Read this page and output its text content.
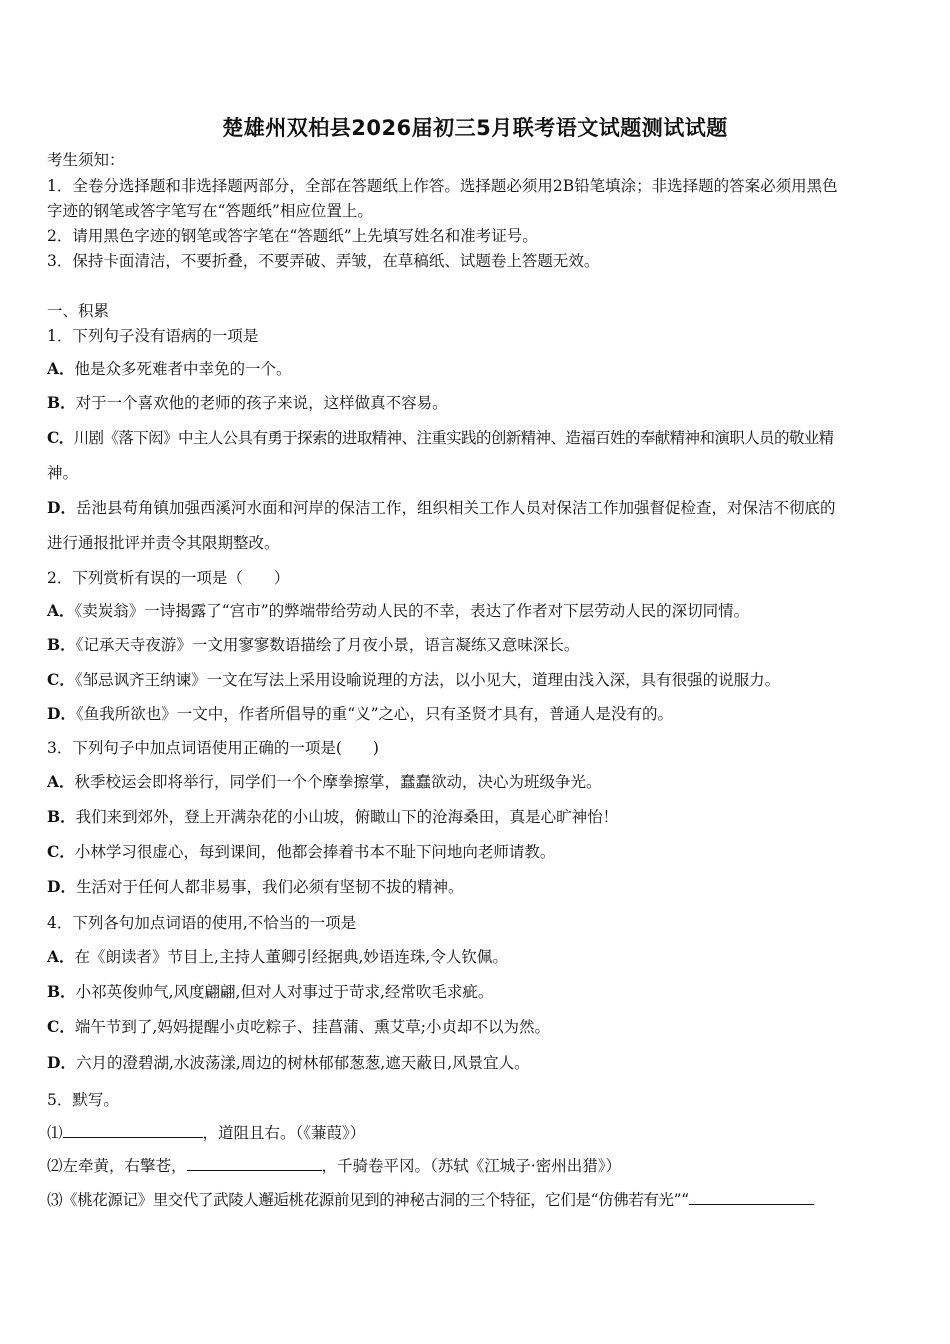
楚雄州双柏县2026届初三5月联考语文试题测试试题
考生须知：
1．全卷分选择题和非选择题两部分，全部在答题纸上作答。选择题必须用2B铅笔填涂；非选择题的答案必须用黑色
字迹的钢笔或答字笔写在“答题纸”相应位置上。
2．请用黑色字迹的钢笔或答字笔在“答题纸”上先填写姓名和准考证号。
3．保持卡面清洁，不要折叠，不要弄破、弄皱，在草稿纸、试题卷上答题无效。
一、积累
1．下列句子没有语病的一项是
A．他是众多死难者中幸免的一个。
B．对于一个喜欢他的老师的孩子来说，这样做真不容易。
C．川剧《落下闳》中主人公具有勇于探索的进取精神、注重实践的创新精神、造福百姓的奉献精神和演职人员的敬业精
神。
D．岳池县苟角镇加强西溪河水面和河岸的保洁工作，组织相关工作人员对保洁工作加强督促检查，对保洁不彻底的
进行通报批评并责令其限期整改。
2．下列赏析有误的一项是（　　）
A．《卖炭翁》一诗揭露了“宫市”的弊端带给劳动人民的不幸，表达了作者对下层劳动人民的深切同情。
B．《记承天寺夜游》一文用寥寥数语描绘了月夜小景，语言凝练又意味深长。
C．《邹忌讽齐王纳谏》一文在写法上采用设喻说理的方法，以小见大，道理由浅入深，具有很强的说服力。
D．《鱼我所欲也》一文中，作者所倡导的重“义”之心，只有圣贤才具有，普通人是没有的。
3．下列句子中加点词语使用正确的一项是(　　)
A．秋季校运会即将举行，同学们一个个摩拳擦掌，蠢蠢欲动，决心为班级争光。
B．我们来到郊外，登上开满杂花的小山坡，俯瞰山下的沧海桑田，真是心旷神怡！
C．小林学习很虚心，每到课间，他都会捧着书本不耻下问地向老师请教。
D．生活对于任何人都非易事，我们必须有坚韧不拔的精神。
4．下列各句加点词语的使用,不恰当的一项是
A．在《朗读者》节目上,主持人董卿引经据典,妙语连珠,令人钦佩。
B．小祁英俊帅气,风度翩翩,但对人对事过于苛求,经常吹毛求疵。
C．端午节到了,妈妈提醒小贞吃粽子、挂菖蒲、熏艾草;小贞却不以为然。
D．六月的澄碧湖,水波荡漾,周边的树林郁郁葱葱,遮天蔽日,风景宜人。
5．默写。
⑴	，道阻且右。（《蒹葭》）
⑵左牵黄，右擎苍，	，千骑卷平冈。（苏轼《江城子·密州出猎》）
⑶《桃花源记》里交代了武陵人邂逅桃花源前见到的神秘古洞的三个特征，它们是“仿佛若有光”“
